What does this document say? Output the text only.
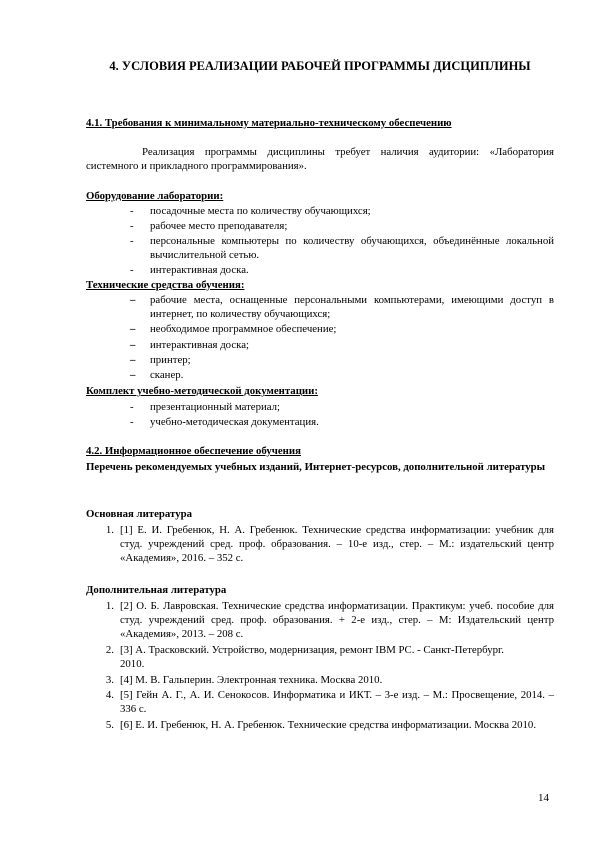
4. УСЛОВИЯ РЕАЛИЗАЦИИ РАБОЧЕЙ ПРОГРАММЫ ДИСЦИПЛИНЫ
4.1. Требования к минимальному материально-техническому обеспечению
Реализация программы дисциплины требует наличия аудитории: «Лаборатория системного и прикладного программирования».
Оборудование лаборатории:
- посадочные места по количеству обучающихся;
- рабочее место преподавателя;
- персональные компьютеры по количеству обучающихся, объединённые локальной вычислительной сетью.
- интерактивная доска.
Технические средства обучения:
– рабочие места, оснащенные персональными компьютерами, имеющими доступ в интернет, по количеству обучающихся;
– необходимое программное обеспечение;
– интерактивная доска;
– принтер;
– сканер.
Комплект учебно-методической документации:
- презентационный материал;
- учебно-методическая документация.
4.2. Информационное обеспечение обучения
Перечень рекомендуемых учебных изданий, Интернет-ресурсов, дополнительной литературы
Основная литература
1. [1] Е. И. Гребенюк, Н. А. Гребенюк. Технические средства информатизации: учебник для студ. учреждений сред. проф. образования. – 10-е изд., стер. – М.: издательский центр «Академия», 2016. – 352 с.
Дополнительная литература
1. [2] О. Б. Лавровская. Технические средства информатизации. Практикум: учеб. пособие для студ. учреждений сред. проф. образования. + 2-е изд., стер. – М: Издательский центр «Академия», 2013. – 208 с.
2. [3] А. Трасковский. Устройство, модернизация, ремонт IBM PC. - Санкт-Петербург. 2010.
3. [4] М. В. Гальперин. Электронная техника. Москва 2010.
4. [5] Гейн А. Г., А. И. Сенокосов. Информатика и ИКТ. – 3-е изд. – М.: Просвещение, 2014. – 336 с.
5. [6] Е. И. Гребенюк, Н. А. Гребенюк. Технические средства информатизации. Москва 2010.
14
